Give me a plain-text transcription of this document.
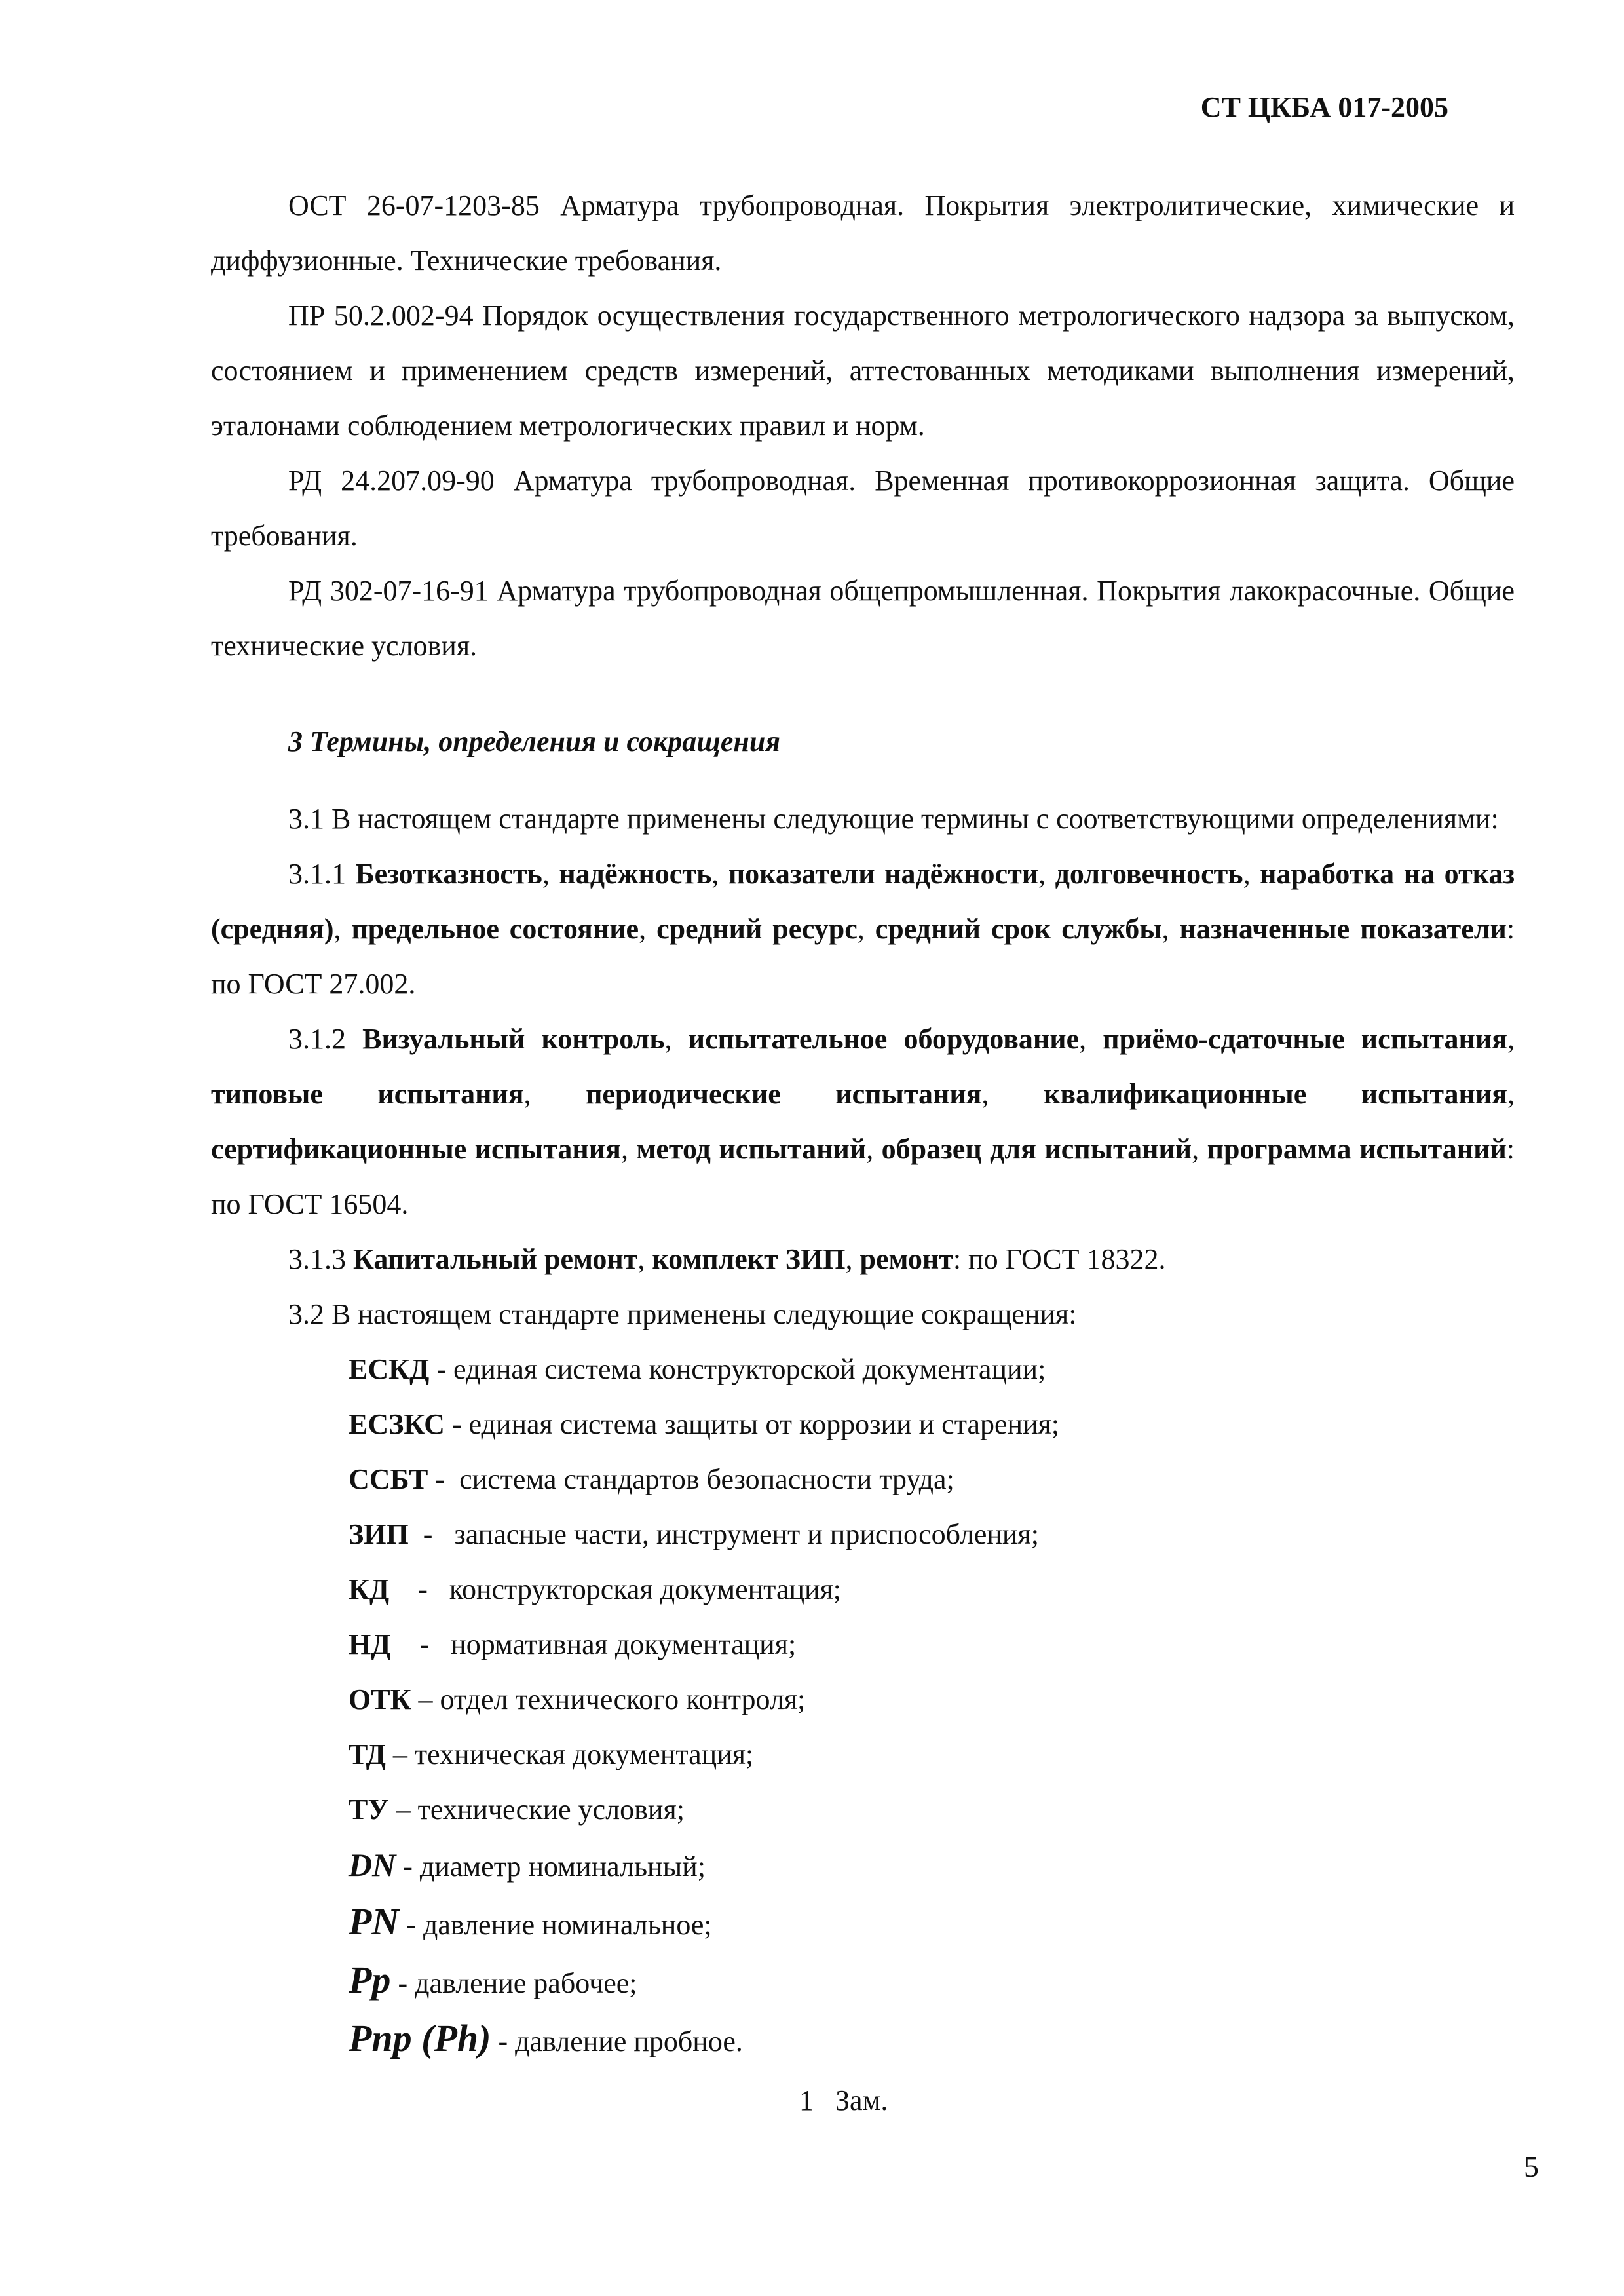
СТ ЦКБА 017-2005

ОСТ 26-07-1203-85 Арматура трубопроводная. Покрытия электролитические, химические и диффузионные. Технические требования.

ПР 50.2.002-94 Порядок осуществления государственного метрологического надзора за выпуском, состоянием и применением средств измерений, аттестованных методиками выполнения измерений, эталонами соблюдением метрологических правил и норм.

РД 24.207.09-90 Арматура трубопроводная. Временная противокоррозионная защита. Общие требования.

РД 302-07-16-91 Арматура трубопроводная общепромышленная. Покрытия лакокрасочные. Общие технические условия.

3 Термины, определения и сокращения

3.1 В настоящем стандарте применены следующие термины с соответствующими определениями:

3.1.1 Безотказность, надёжность, показатели надёжности, долговечность, наработка на отказ (средняя), предельное состояние, средний ресурс, средний срок службы, назначенные показатели: по ГОСТ 27.002.

3.1.2 Визуальный контроль, испытательное оборудование, приёмо-сдаточные испытания, типовые испытания, периодические испытания, квалификационные испытания, сертификационные испытания, метод испытаний, образец для испытаний, программа испытаний: по ГОСТ 16504.

3.1.3 Капитальный ремонт, комплект ЗИП, ремонт: по ГОСТ 18322.

3.2 В настоящем стандарте применены следующие сокращения:

ЕСКД - единая система конструкторской документации;
ЕСЗКС - единая система защиты от коррозии и старения;
ССБТ -  система стандартов безопасности труда;
ЗИП  -   запасные части, инструмент и приспособления;
КД    -   конструкторская документация;
НД    -   нормативная документация;
ОТК – отдел технического контроля;
ТД – техническая документация;
ТУ – технические условия;
DN - диаметр номинальный;
PN - давление номинальное;
Pp - давление рабочее;
Pnp (Ph) - давление пробное.
1   Зам.
5
